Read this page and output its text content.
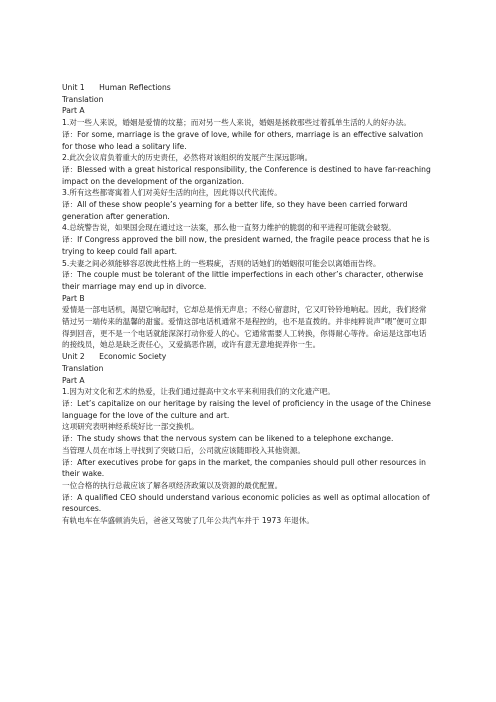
Unit 1      Human Reflections
Translation
Part A
1.对一些人来说，婚姻是爱情的坟墓；而对另一些人来说，婚姻是拯救那些过着孤单生活的人的好办法。
译：For some, marriage is the grave of love, while for others, marriage is an effective salvation for those who lead a solitary life.
2.此次会议肩负着重大的历史责任，必然将对该组织的发展产生深远影响。
译：Blessed with a great historical responsibility, the Conference is destined to have far-reaching impact on the development of the organization.
3.所有这些都寄寓着人们对美好生活的向往，因此得以代代流传。
译：All of these show people’s yearning for a better life, so they have been carried forward generation after generation.
4.总统警告说，如果国会现在通过这一法案，那么他一直努力维护的脆弱的和平进程可能就会破裂。
译：If Congress approved the bill now, the president warned, the fragile peace process that he is trying to keep could fall apart.
5.夫妻之间必须能够容忍彼此性格上的一些瑕疵，否则的话她们的婚姻很可能会以离婚而告终。
译：The couple must be tolerant of the little imperfections in each other’s character, otherwise their marriage may end up in divorce.
Part B
爱情是一部电话机，渴望它响起时，它却总是悄无声息；不经心留意时，它又叮铃铃地响起。因此，我们经常错过另一端传来的温馨的甜蜜。爱情这部电话机通常不是程控的，也不是直拨的。并非纯粹说声“喂”便可立即得到回音，更不是一个电话就能深深打动你爱人的心。它通常需要人工转换，你得耐心等待。命运是这部电话的接线员，她总是缺乏责任心，又爱搞恶作剧，或许有意无意地捉弄你一生。
Unit 2      Economic Society
Translation
Part A
1.因为对文化和艺术的热爱，让我们通过提高中文水平来利用我们的文化遗产吧。
译：Let’s capitalize on our heritage by raising the level of proficiency in the usage of the Chinese language for the love of the culture and art.
这项研究表明神经系统好比一部交换机。
译：The study shows that the nervous system can be likened to a telephone exchange.
当管理人员在市场上寻找到了突破口后，公司就应该随即投入其他资源。
译：After executives probe for gaps in the market, the companies should pull other resources in their wake.
一位合格的执行总裁应该了解各项经济政策以及资源的最优配置。
译：A qualified CEO should understand various economic policies as well as optimal allocation of resources.
有轨电车在华盛顿消失后，爸爸又驾驶了几年公共汽车并于 1973 年退休。
